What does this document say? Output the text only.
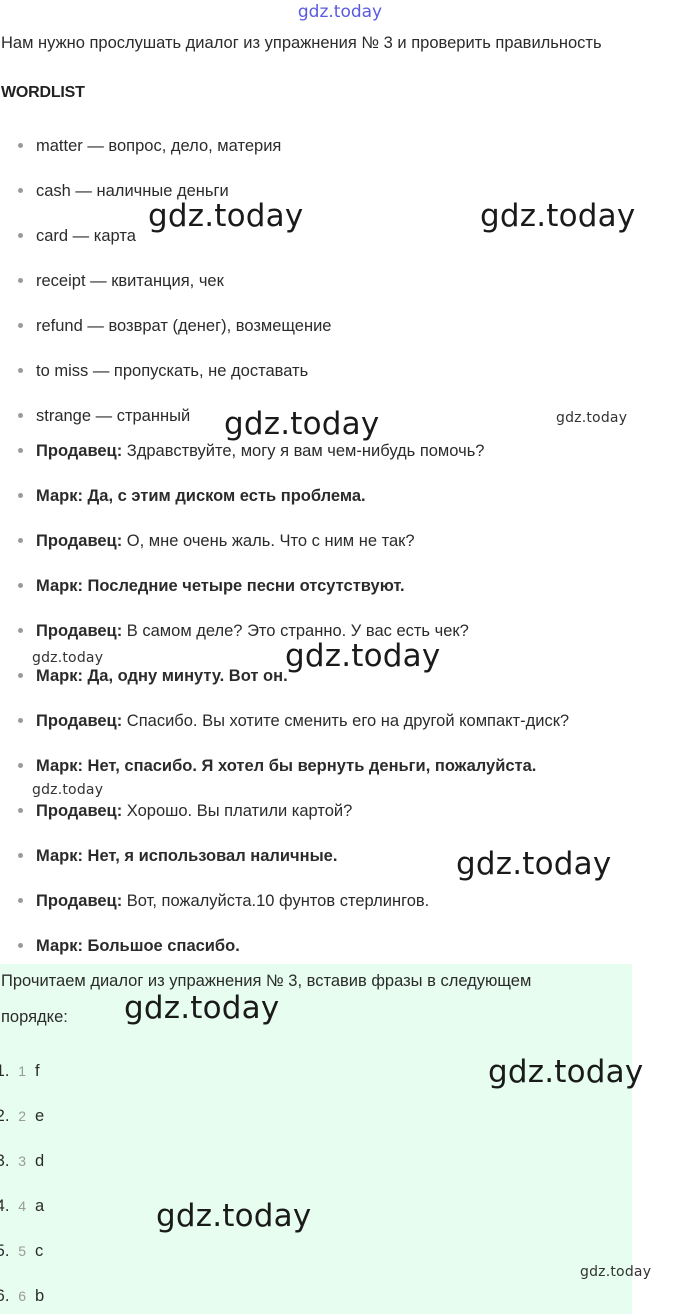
gdz.today
Нам нужно прослушать диалог из упражнения № 3 и проверить правильность
WORDLIST
matter — вопрос, дело, материя
cash — наличные деньги
card — карта
receipt — квитанция, чек
refund — возврат (денег), возмещение
to miss — пропускать, не доставать
strange — странный
Продавец: Здравствуйте, могу я вам чем-нибудь помочь?
Марк: Да, с этим диском есть проблема.
Продавец: О, мне очень жаль. Что с ним не так?
Марк: Последние четыре песни отсутствуют.
Продавец: В самом деле? Это странно. У вас есть чек?
Марк: Да, одну минуту. Вот он.
Продавец: Спасибо. Вы хотите сменить его на другой компакт-диск?
Марк: Нет, спасибо. Я хотел бы вернуть деньги, пожалуйста.
Продавец: Хорошо. Вы платили картой?
Марк: Нет, я использовал наличные.
Продавец: Вот, пожалуйста.10 фунтов стерлингов.
Марк: Большое спасибо.
Прочитаем диалог из упражнения № 3, вставив фразы в следующем
порядке:
1. 1 f
2. 2 e
3. 3 d
4. 4 a
5. 5 c
6. 6 b
gdz.today	gdz.today
gdz.today	gdz.today
gdz.today	gdz.today
gdz.today
gdz.today
gdz.today
gdz.today
gdz.today
gdz.today
